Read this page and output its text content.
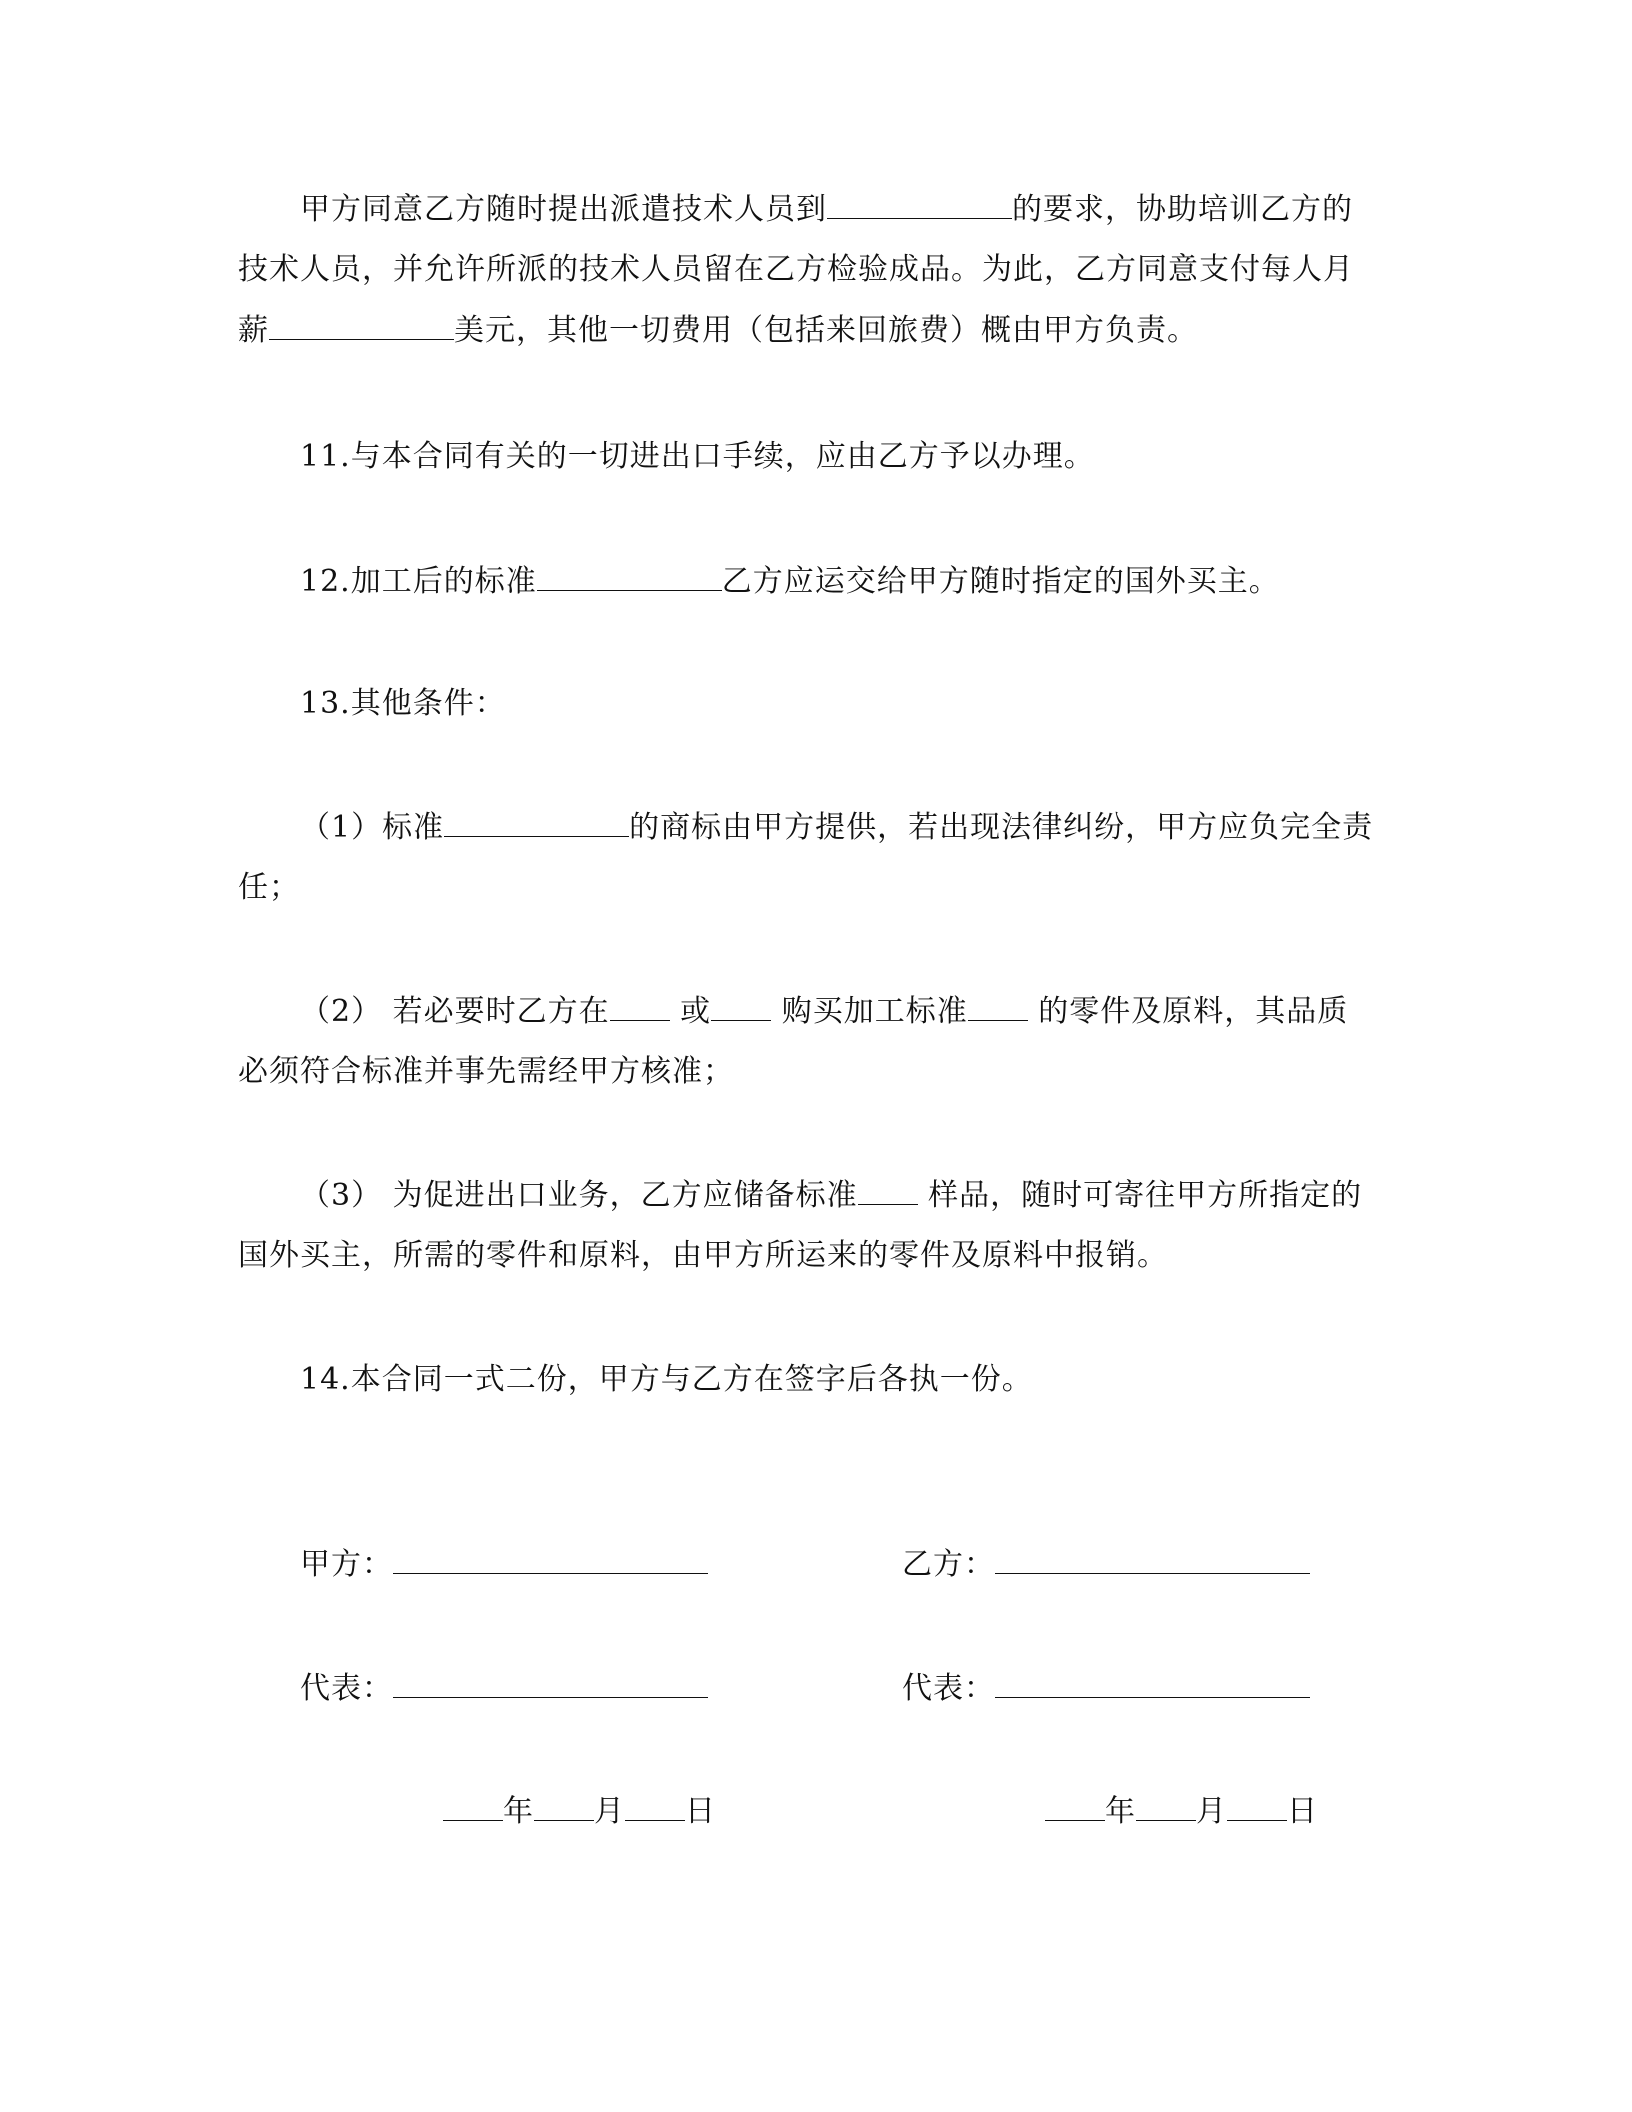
甲方同意乙方随时提出派遣技术人员到	的要求，协助培训乙方的
技术人员，并允许所派的技术人员留在乙方检验成品。为此，乙方同意支付每人月
薪	美元，其他一切费用（包括来回旅费）概由甲方负责。
11.与本合同有关的一切进出口手续，应由乙方予以办理。
12.加工后的标准	乙方应运交给甲方随时指定的国外买主。
13.其他条件：
（1）标准	的商标由甲方提供，若出现法律纠纷，甲方应负完全责
任；
（2） 若必要时乙方在 或 购买加工标准 的零件及原料，其品质
必须符合标准并事先需经甲方核准；
（3） 为促进出口业务，乙方应储备标准 样品，随时可寄往甲方所指定的
国外买主，所需的零件和原料，由甲方所运来的零件及原料中报销。
14.本合同一式二份，甲方与乙方在签字后各执一份。
甲方：	乙方：
代表：	代表：
年 月 日	年 月 日
